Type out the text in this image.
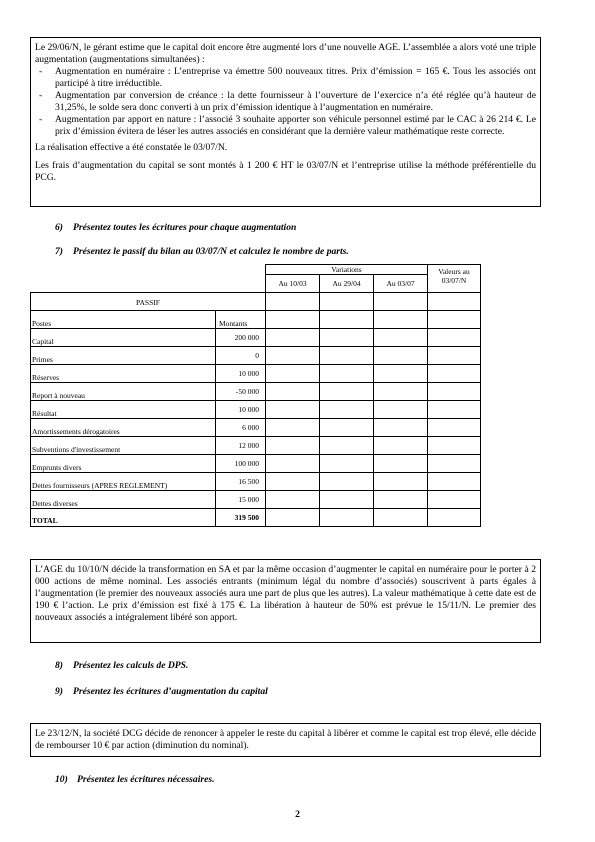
Le 29/06/N, le gérant estime que le capital doit encore être augmenté lors d’une nouvelle AGE. L’assemblée a alors voté une triple augmentation (augmentations simultanées) :

- Augmentation en numéraire : L’entreprise va émettre 500 nouveaux titres. Prix d’émission = 165 €. Tous les associés ont participé à titre irréductible.
- Augmentation par conversion de créance : la dette fournisseur à l’ouverture de l’exercice n’a été réglée qu’à hauteur de 31,25%, le solde sera donc converti à un prix d’émission identique à l’augmentation en numéraire.
- Augmentation par apport en nature : l’associé 3 souhaite apporter son véhicule personnel estimé par le CAC à 26 214 €. Le prix d’émission évitera de léser les autres associés en considérant que la dernière valeur mathématique reste correcte.

La réalisation effective a été constatée le 03/07/N.

Les frais d’augmentation du capital se sont montés à 1 200 € HT le 03/07/N et l’entreprise utilise la méthode préférentielle du PCG.

6) Présentez toutes les écritures pour chaque augmentation
7) Présentez le passif du bilan au 03/07/N et calculez le nombre de parts.
Variations	Valeurs au 03/07/N
Au 10/03	Au 29/04	Au 03/07
PASSIF
Postes	Montants
Capital	200 000
Primes	0
Réserves	10 000
Report à nouveau	-50 000
Résultat	10 000
Amortissements dérogatoires	6 000
Subventions d'investissement	12 000
Emprunts divers	100 000
Dettes fournisseurs (APRES REGLEMENT)	16 500
Dettes diverses	15 000
TOTAL	319 500

L’AGE du 10/10/N décide la transformation en SA et par la même occasion d’augmenter le capital en numéraire pour le porter à 2 000 actions de même nominal. Les associés entrants (minimum légal du nombre d’associés) souscrivent à parts égales à l’augmentation (le premier des nouveaux associés aura une part de plus que les autres). La valeur mathématique à cette date est de 190 € l’action. Le prix d’émission est fixé à 175 €. La libération à hauteur de 50% est prévue le 15/11/N. Le premier des nouveaux associés a intégralement libéré son apport.

8) Présentez les calculs de DPS.
9) Présentez les écritures d’augmentation du capital

Le 23/12/N, la société DCG décide de renoncer à appeler le reste du capital à libérer et comme le capital est trop élevé, elle décide de rembourser 10 € par action (diminution du nominal).

10) Présentez les écritures nécessaires.
2
